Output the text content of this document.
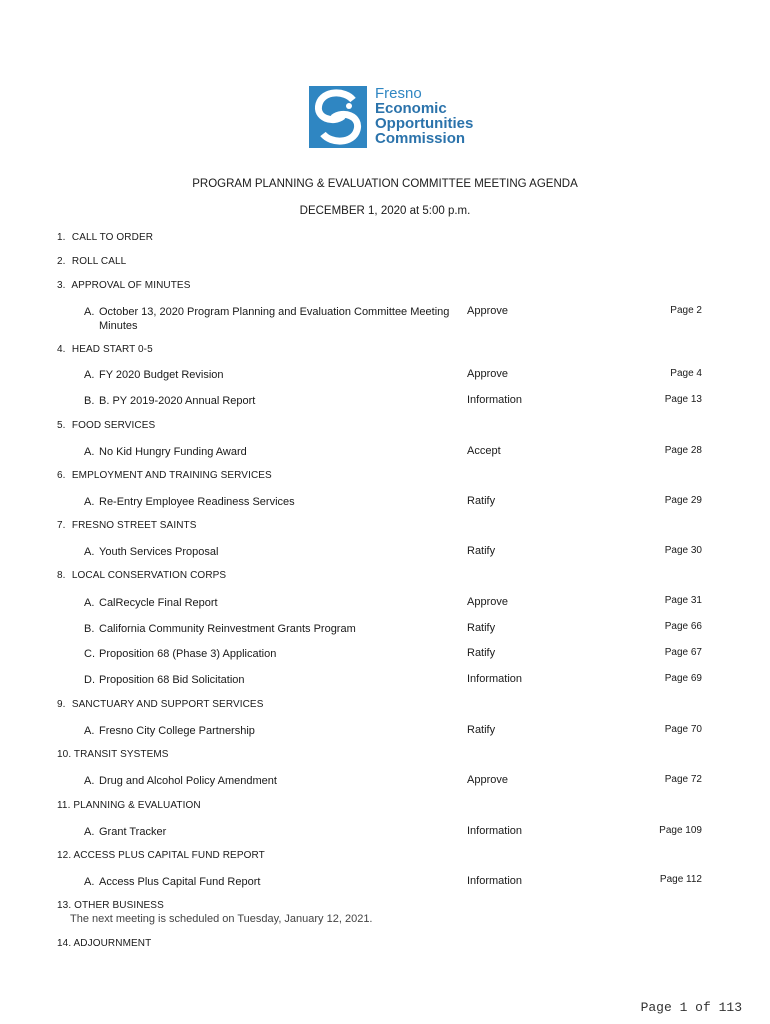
Fresno
Economic
Opportunities
Commission
PROGRAM PLANNING & EVALUATION COMMITTEE MEETING AGENDA
DECEMBER 1, 2020 at 5:00 p.m.
1. CALL TO ORDER
2. ROLL CALL
3. APPROVAL OF MINUTES
A. October 13, 2020 Program Planning and Evaluation Committee Meeting Minutes
Approve	Page 2
4. HEAD START 0-5
A. FY 2020 Budget Revision	Approve	Page 4
B. B. PY 2019-2020 Annual Report	Information	Page 13
5. FOOD SERVICES
A. No Kid Hungry Funding Award	Accept	Page 28
6. EMPLOYMENT AND TRAINING SERVICES
A. Re-Entry Employee Readiness Services	Ratify	Page 29
7. FRESNO STREET SAINTS
A. Youth Services Proposal	Ratify	Page 30
8. LOCAL CONSERVATION CORPS
A. CalRecycle Final Report	Approve	Page 31
B. California Community Reinvestment Grants Program	Ratify	Page 66
C. Proposition 68 (Phase 3) Application	Ratify	Page 67
D. Proposition 68 Bid Solicitation	Information	Page 69
9. SANCTUARY AND SUPPORT SERVICES
A. Fresno City College Partnership	Ratify	Page 70
10. TRANSIT SYSTEMS
A. Drug and Alcohol Policy Amendment	Approve	Page 72
11. PLANNING & EVALUATION
A. Grant Tracker	Information	Page 109
12. ACCESS PLUS CAPITAL FUND REPORT
A. Access Plus Capital Fund Report	Information	Page 112
13. OTHER BUSINESS
The next meeting is scheduled on Tuesday, January 12, 2021.
14. ADJOURNMENT
Page 1 of 113
